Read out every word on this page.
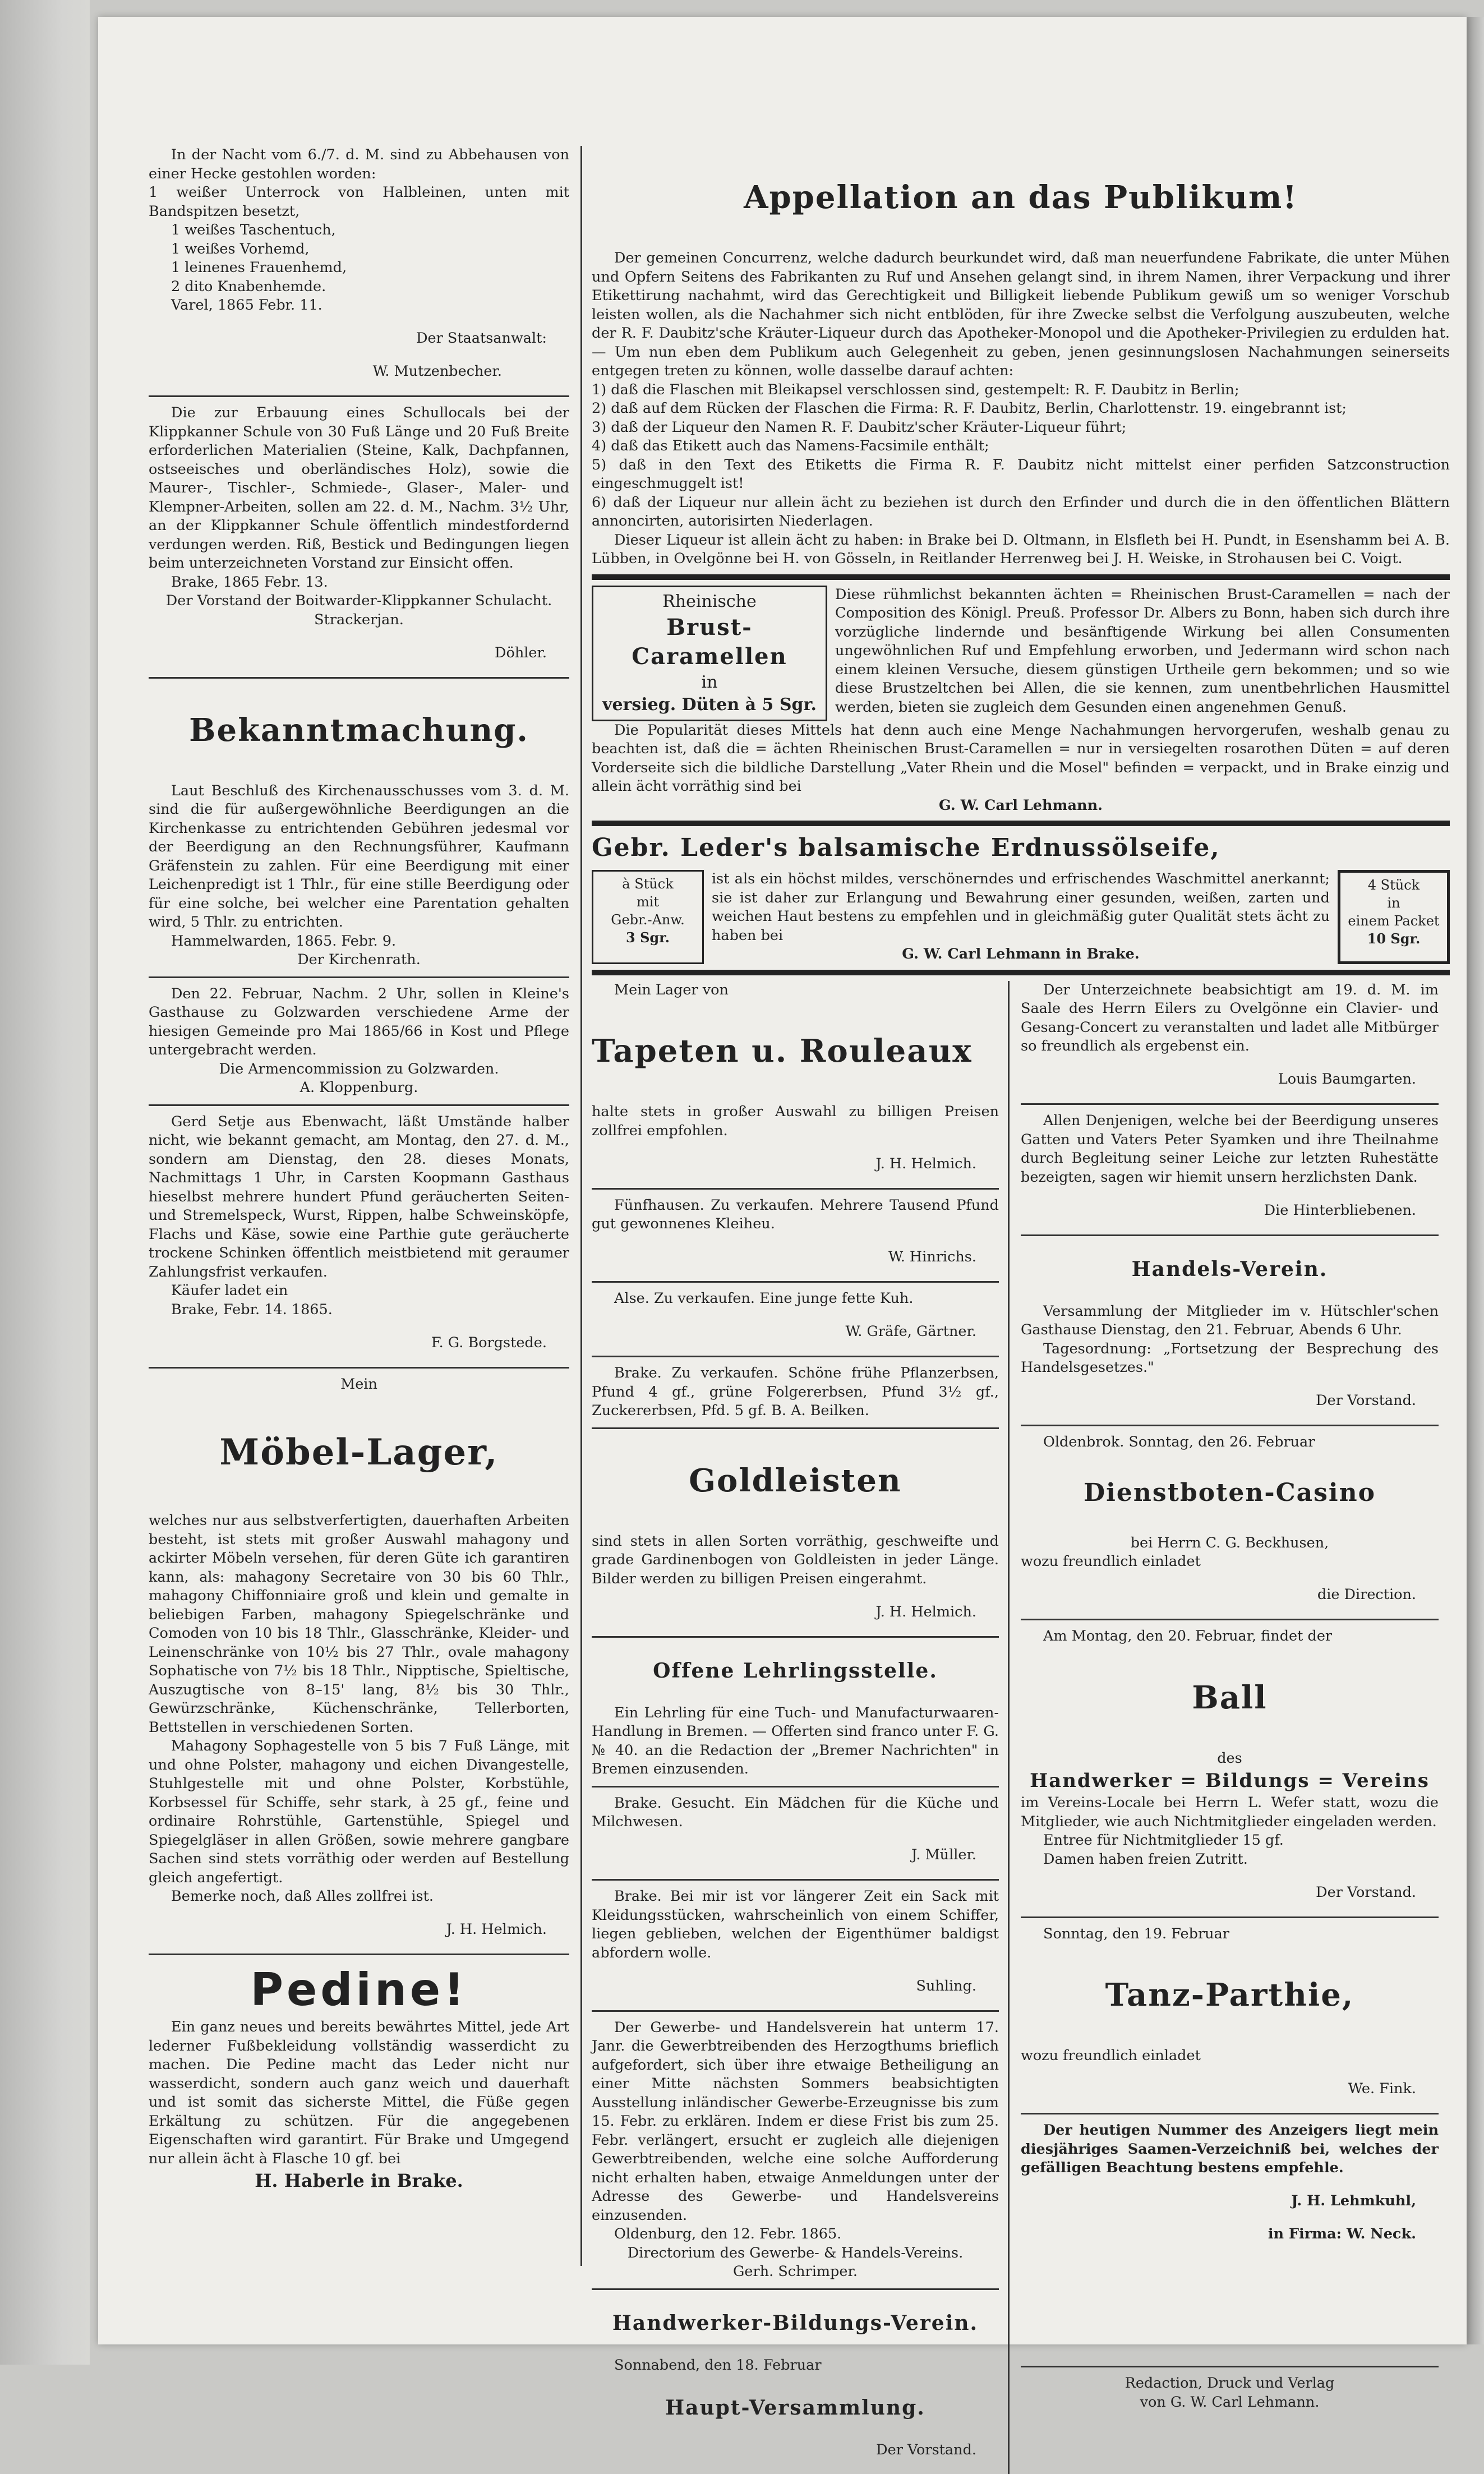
In der Nacht vom 6./7. d. M. sind zu Abbehausen von einer Hecke gestohlen worden:

1 weißer Unterrock von Halbleinen, unten mit Bandspitzen besetzt,

1 weißes Taschentuch,

1 weißes Vorhemd,

1 leinenes Frauenhemd,

2 dito Knabenhemde.

Varel, 1865 Febr. 11.

Der Staatsanwalt:

W. Mutzenbecher.

Die zur Erbauung eines Schullocals bei der Klippkanner Schule von 30 Fuß Länge und 20 Fuß Breite erforderlichen Materialien (Steine, Kalk, Dachpfannen, ostseeisches und oberländisches Holz), sowie die Maurer-, Tischler-, Schmiede-, Glaser-, Maler- und Klempner-Arbeiten, sollen am 22. d. M., Nachm. 3½ Uhr, an der Klippkanner Schule öffentlich mindestfordernd verdungen werden. Riß, Bestick und Bedingungen liegen beim unterzeichneten Vorstand zur Einsicht offen.

Brake, 1865 Febr. 13.

Der Vorstand der Boitwarder-Klippkanner Schulacht.

Strackerjan.

Döhler.

Bekanntmachung.

Laut Beschluß des Kirchenausschusses vom 3. d. M. sind die für außergewöhnliche Beerdigungen an die Kirchenkasse zu entrichtenden Gebühren jedesmal vor der Beerdigung an den Rechnungsführer, Kaufmann Gräfenstein zu zahlen. Für eine Beerdigung mit einer Leichenpredigt ist 1 Thlr., für eine stille Beerdigung oder für eine solche, bei welcher eine Parentation gehalten wird, 5 Thlr. zu entrichten.

Hammelwarden, 1865. Febr. 9.

Der Kirchenrath.

Den 22. Februar, Nachm. 2 Uhr, sollen in Kleine's Gasthause zu Golzwarden verschiedene Arme der hiesigen Gemeinde pro Mai 1865/66 in Kost und Pflege untergebracht werden.

Die Armencommission zu Golzwarden.

A. Kloppenburg.

Gerd Setje aus Ebenwacht, läßt Umstände halber nicht, wie bekannt gemacht, am Montag, den 27. d. M., sondern am Dienstag, den 28. dieses Monats, Nachmittags 1 Uhr, in Carsten Koopmann Gasthaus hieselbst mehrere hundert Pfund geräucherten Seiten- und Stremelspeck, Wurst, Rippen, halbe Schweinsköpfe, Flachs und Käse, sowie eine Parthie gute geräucherte trockene Schinken öffentlich meistbietend mit geraumer Zahlungsfrist verkaufen.

Käufer ladet ein

Brake, Febr. 14. 1865.

F. G. Borgstede.

Mein

Möbel-Lager,

welches nur aus selbstverfertigten, dauerhaften Arbeiten besteht, ist stets mit großer Auswahl mahagony und ackirter Möbeln versehen, für deren Güte ich garantiren kann, als: mahagony Secretaire von 30 bis 60 Thlr., mahagony Chiffonniaire groß und klein und gemalte in beliebigen Farben, mahagony Spiegelschränke und Comoden von 10 bis 18 Thlr., Glasschränke, Kleider- und Leinenschränke von 10½ bis 27 Thlr., ovale mahagony Sophatische von 7½ bis 18 Thlr., Nipptische, Spieltische, Auszugtische von 8–15' lang, 8½ bis 30 Thlr., Gewürzschränke, Küchenschränke, Tellerborten, Bettstellen in verschiedenen Sorten.

Mahagony Sophagestelle von 5 bis 7 Fuß Länge, mit und ohne Polster, mahagony und eichen Divangestelle, Stuhlgestelle mit und ohne Polster, Korbstühle, Korbsessel für Schiffe, sehr stark, à 25 gf., feine und ordinaire Rohrstühle, Gartenstühle, Spiegel und Spiegelgläser in allen Größen, sowie mehrere gangbare Sachen sind stets vorräthig oder werden auf Bestellung gleich angefertigt.

Bemerke noch, daß Alles zollfrei ist.

J. H. Helmich.

Pedine!

Ein ganz neues und bereits bewährtes Mittel, jede Art lederner Fußbekleidung vollständig wasserdicht zu machen. Die Pedine macht das Leder nicht nur wasserdicht, sondern auch ganz weich und dauerhaft und ist somit das sicherste Mittel, die Füße gegen Erkältung zu schützen. Für die angegebenen Eigenschaften wird garantirt. Für Brake und Umgegend nur allein ächt à Flasche 10 gf. bei

H. Haberle in Brake.

Appellation an das Publikum!

Der gemeinen Concurrenz, welche dadurch beurkundet wird, daß man neuerfundene Fabrikate, die unter Mühen und Opfern Seitens des Fabrikanten zu Ruf und Ansehen gelangt sind, in ihrem Namen, ihrer Verpackung und ihrer Etikettirung nachahmt, wird das Gerechtigkeit und Billigkeit liebende Publikum gewiß um so weniger Vorschub leisten wollen, als die Nachahmer sich nicht entblöden, für ihre Zwecke selbst die Verfolgung auszubeuten, welche der R. F. Daubitz'sche Kräuter-Liqueur durch das Apotheker-Monopol und die Apotheker-Privilegien zu erdulden hat. — Um nun eben dem Publikum auch Gelegenheit zu geben, jenen gesinnungslosen Nachahmungen seinerseits entgegen treten zu können, wolle dasselbe darauf achten:

1) daß die Flaschen mit Bleikapsel verschlossen sind, gestempelt: R. F. Daubitz in Berlin;
2) daß auf dem Rücken der Flaschen die Firma: R. F. Daubitz, Berlin, Charlottenstr. 19. eingebrannt ist;
3) daß der Liqueur den Namen R. F. Daubitz'scher Kräuter-Liqueur führt;
4) daß das Etikett auch das Namens-Facsimile enthält;
5) daß in den Text des Etiketts die Firma R. F. Daubitz nicht mittelst einer perfiden Satzconstruction eingeschmuggelt ist!
6) daß der Liqueur nur allein ächt zu beziehen ist durch den Erfinder und durch die in den öffentlichen Blättern annoncirten, autorisirten Niederlagen.

Dieser Liqueur ist allein ächt zu haben: in Brake bei D. Oltmann, in Elsfleth bei H. Pundt, in Esenshamm bei A. B. Lübben, in Ovelgönne bei H. von Gösseln, in Reitlander Herrenweg bei J. H. Weiske, in Strohausen bei C. Voigt.

Rheinische
Brust-Caramellen
in
versieg. Düten à 5 Sgr.

Diese rühmlichst bekannten ächten = Rheinischen Brust-Caramellen = nach der Composition des Königl. Preuß. Professor Dr. Albers zu Bonn, haben sich durch ihre vorzügliche lindernde und besänftigende Wirkung bei allen Consumenten ungewöhnlichen Ruf und Empfehlung erworben, und Jedermann wird schon nach einem kleinen Versuche, diesem günstigen Urtheile gern bekommen; und so wie diese Brustzeltchen bei Allen, die sie kennen, zum unentbehrlichen Hausmittel werden, bieten sie zugleich dem Gesunden einen angenehmen Genuß.

Die Popularität dieses Mittels hat denn auch eine Menge Nachahmungen hervorgerufen, weshalb genau zu beachten ist, daß die = ächten Rheinischen Brust-Caramellen = nur in versiegelten rosarothen Düten = auf deren Vorderseite sich die bildliche Darstellung „Vater Rhein und die Mosel" befinden = verpackt, und in Brake einzig und allein ächt vorräthig sind bei

G. W. Carl Lehmann.

Gebr. Leder's balsamische Erdnussölseife,

à Stück
mit
Gebr.-Anw.
3 Sgr.

ist als ein höchst mildes, verschönerndes und erfrischendes Waschmittel anerkannt; sie ist daher zur Erlangung und Bewahrung einer gesunden, weißen, zarten und weichen Haut bestens zu empfehlen und in gleichmäßig guter Qualität stets ächt zu haben bei

G. W. Carl Lehmann in Brake.

4 Stück
in
einem Packet
10 Sgr.

Mein Lager von

Tapeten u. Rouleaux

halte stets in großer Auswahl zu billigen Preisen zollfrei empfohlen.

J. H. Helmich.

Fünfhausen. Zu verkaufen. Mehrere Tausend Pfund gut gewonnenes Kleiheu.

W. Hinrichs.

Alse. Zu verkaufen. Eine junge fette Kuh.

W. Gräfe, Gärtner.

Brake. Zu verkaufen. Schöne frühe Pflanzerbsen, Pfund 4 gf., grüne Folgererbsen, Pfund 3½ gf., Zuckererbsen, Pfd. 5 gf. B. A. Beilken.

Goldleisten

sind stets in allen Sorten vorräthig, geschweifte und grade Gardinenbogen von Goldleisten in jeder Länge. Bilder werden zu billigen Preisen eingerahmt.

J. H. Helmich.

Offene Lehrlingsstelle.

Ein Lehrling für eine Tuch- und Manufacturwaaren-Handlung in Bremen. — Offerten sind franco unter F. G. № 40. an die Redaction der „Bremer Nachrichten" in Bremen einzusenden.

Brake. Gesucht. Ein Mädchen für die Küche und Milchwesen.

J. Müller.

Brake. Bei mir ist vor längerer Zeit ein Sack mit Kleidungsstücken, wahrscheinlich von einem Schiffer, liegen geblieben, welchen der Eigenthümer baldigst abfordern wolle.

Suhling.

Der Gewerbe- und Handelsverein hat unterm 17. Janr. die Gewerbtreibenden des Herzogthums brieflich aufgefordert, sich über ihre etwaige Betheiligung an einer Mitte nächsten Sommers beabsichtigten Ausstellung inländischer Gewerbe-Erzeugnisse bis zum 15. Febr. zu erklären. Indem er diese Frist bis zum 25. Febr. verlängert, ersucht er zugleich alle diejenigen Gewerbtreibenden, welche eine solche Aufforderung nicht erhalten haben, etwaige Anmeldungen unter der Adresse des Gewerbe- und Handelsvereins einzusenden.

Oldenburg, den 12. Febr. 1865.

Directorium des Gewerbe- & Handels-Vereins.

Gerh. Schrimper.

Handwerker-Bildungs-Verein.

Sonnabend, den 18. Februar

Haupt-Versammlung.

Der Vorstand.

Der Unterzeichnete beabsichtigt am 19. d. M. im Saale des Herrn Eilers zu Ovelgönne ein Clavier- und Gesang-Concert zu veranstalten und ladet alle Mitbürger so freundlich als ergebenst ein.

Louis Baumgarten.

Allen Denjenigen, welche bei der Beerdigung unseres Gatten und Vaters Peter Syamken und ihre Theilnahme durch Begleitung seiner Leiche zur letzten Ruhestätte bezeigten, sagen wir hiemit unsern herzlichsten Dank.

Die Hinterbliebenen.

Handels-Verein.

Versammlung der Mitglieder im v. Hütschler'schen Gasthause Dienstag, den 21. Februar, Abends 6 Uhr.

Tagesordnung: „Fortsetzung der Besprechung des Handelsgesetzes."

Der Vorstand.

Oldenbrok. Sonntag, den 26. Februar

Dienstboten-Casino

bei Herrn C. G. Beckhusen,

wozu freundlich einladet

die Direction.

Am Montag, den 20. Februar, findet der

Ball

des

Handwerker = Bildungs = Vereins

im Vereins-Locale bei Herrn L. Wefer statt, wozu die Mitglieder, wie auch Nichtmitglieder eingeladen werden.

Entree für Nichtmitglieder 15 gf.

Damen haben freien Zutritt.

Der Vorstand.

Sonntag, den 19. Februar

Tanz-Parthie,

wozu freundlich einladet

We. Fink.

Der heutigen Nummer des Anzeigers liegt mein diesjähriges Saamen-Verzeichniß bei, welches der gefälligen Beachtung bestens empfehle.

J. H. Lehmkuhl,

in Firma: W. Neck.

Redaction, Druck und Verlag

von G. W. Carl Lehmann.
